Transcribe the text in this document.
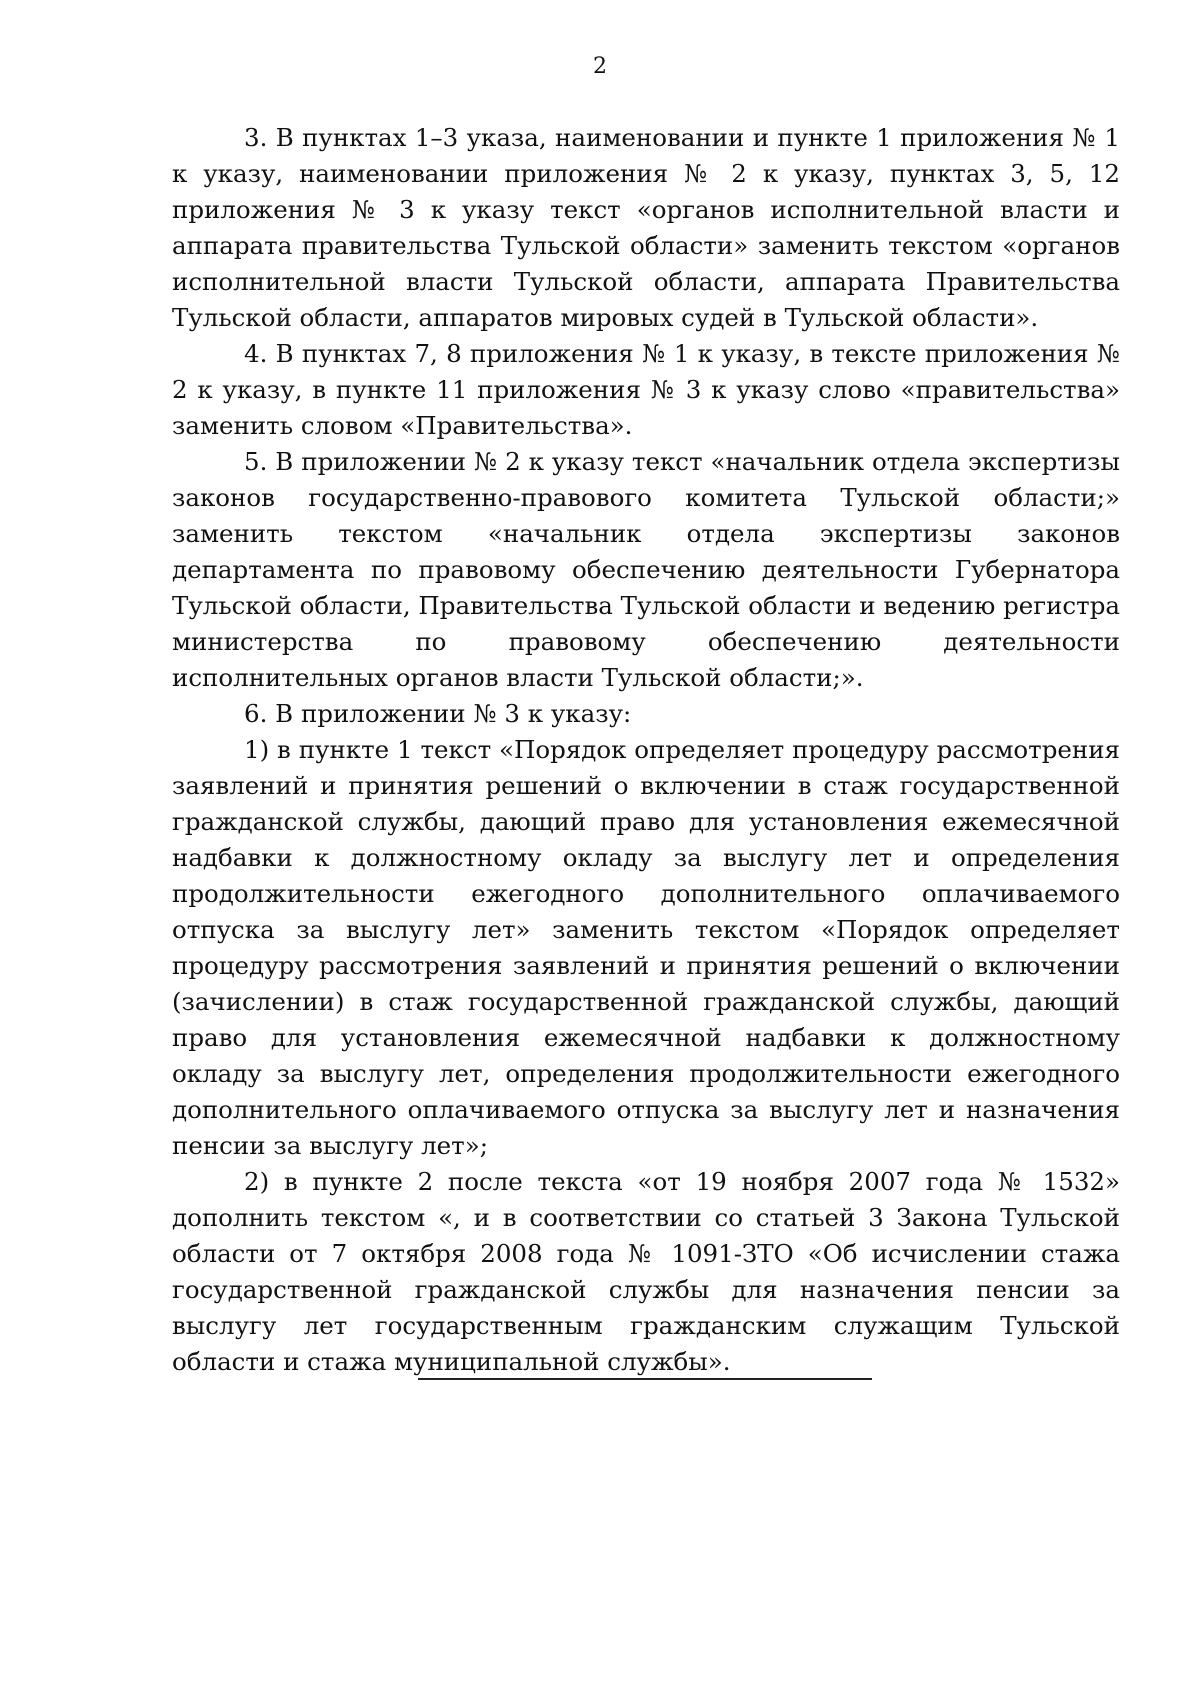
2

3. В пунктах 1–3 указа, наименовании и пункте 1 приложения № 1 к указу, наименовании приложения № 2 к указу, пунктах 3, 5, 12 приложения № 3 к указу текст «органов исполнительной власти и аппарата правительства Тульской области» заменить текстом «органов исполнительной власти Тульской области, аппарата Правительства Тульской области, аппаратов мировых судей в Тульской области».

4. В пунктах 7, 8 приложения № 1 к указу, в тексте приложения № 2 к указу, в пункте 11 приложения № 3 к указу слово «правительства» заменить словом «Правительства».

5. В приложении № 2 к указу текст «начальник отдела экспертизы законов государственно-правового комитета Тульской области;» заменить текстом «начальник отдела экспертизы законов департамента по правовому обеспечению деятельности Губернатора Тульской области, Правительства Тульской области и ведению регистра министерства по правовому обеспечению деятельности исполнительных органов власти Тульской области;».

6. В приложении № 3 к указу:

1) в пункте 1 текст «Порядок определяет процедуру рассмотрения заявлений и принятия решений о включении в стаж государственной гражданской службы, дающий право для установления ежемесячной надбавки к должностному окладу за выслугу лет и определения продолжительности ежегодного дополнительного оплачиваемого отпуска за выслугу лет» заменить текстом «Порядок определяет процедуру рассмотрения заявлений и принятия решений о включении (зачислении) в стаж государственной гражданской службы, дающий право для установления ежемесячной надбавки к должностному окладу за выслугу лет, определения продолжительности ежегодного дополнительного оплачиваемого отпуска за выслугу лет и назначения пенсии за выслугу лет»;

2) в пункте 2 после текста «от 19 ноября 2007 года № 1532» дополнить текстом «, и в соответствии со статьей 3 Закона Тульской области от 7 октября 2008 года № 1091-ЗТО «Об исчислении стажа государственной гражданской службы для назначения пенсии за выслугу лет государственным гражданским служащим Тульской области и стажа муниципальной службы».
